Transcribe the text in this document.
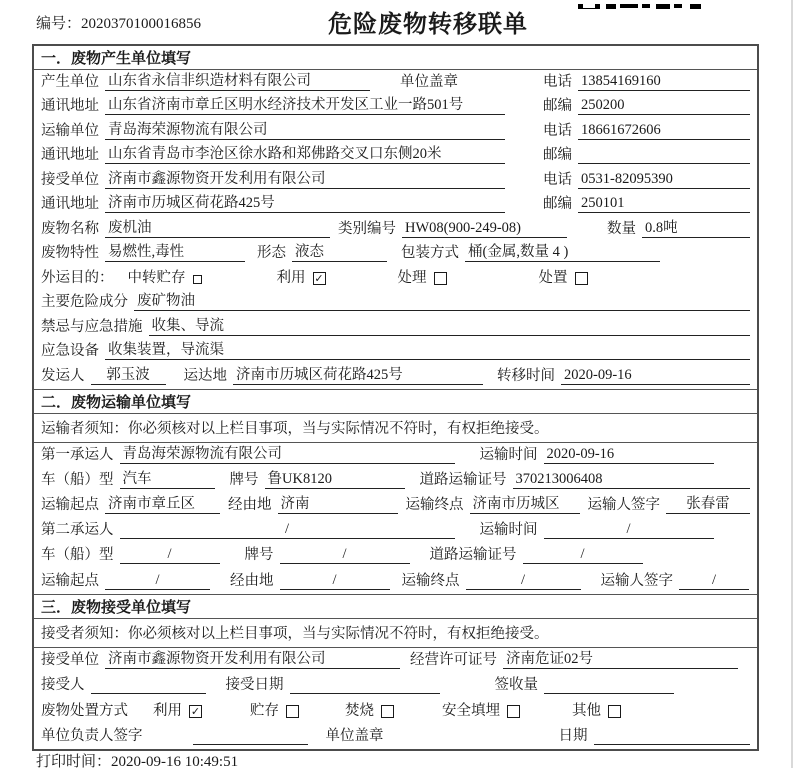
编号：2020370100016856	危险废物转移联单
一．废物产生单位填写
产生单位 山东省永信非织造材料有限公司	单位盖章	电话 13854169160
通讯地址 山东省济南市章丘区明水经济技术开发区工业一路501号	邮编 250200
运输单位 青岛海荣源物流有限公司	电话 18661672606
通讯地址 山东省青岛市李沧区徐水路和郑佛路交叉口东侧20米	邮编
接受单位 济南市鑫源物资开发利用有限公司	电话 0531-82095390
通讯地址 济南市历城区荷花路425号	邮编 250101
废物名称 废机油	类别编号 HW08(900-249-08)	数量 0.8吨
废物特性 易燃性,毒性	形态 液态	包装方式 桶(金属,数量 4 )
外运目的： 中转贮存	利用 ✓	处理	处置
主要危险成分 废矿物油
禁忌与应急措施 收集、导流
应急设备 收集装置，导流渠
发运人	郭玉波	运达地 济南市历城区荷花路425号	转移时间 2020-09-16
二．废物运输单位填写
运输者须知：你必须核对以上栏目事项，当与实际情况不符时，有权拒绝接受。
第一承运人 青岛海荣源物流有限公司	运输时间 2020-09-16
车（船）型 汽车	牌号 鲁UK8120	道路运输证号 370213006408
运输起点 济南市章丘区	经由地 济南	运输终点 济南市历城区	运输人签字	张春雷
第二承运人	/	运输时间	/
车（船）型	/	牌号	/	道路运输证号	/
运输起点	/	经由地	/	运输终点	/	运输人签字	/
三．废物接受单位填写
接受者须知：你必须核对以上栏目事项，当与实际情况不符时，有权拒绝接受。
接受单位 济南市鑫源物资开发利用有限公司	经营许可证号 济南危证02号
接受人	接受日期	签收量
废物处置方式 利用 ✓	贮存	焚烧	安全填埋	其他
单位负责人签字	单位盖章	日期
打印时间：2020-09-16 10:49:51
